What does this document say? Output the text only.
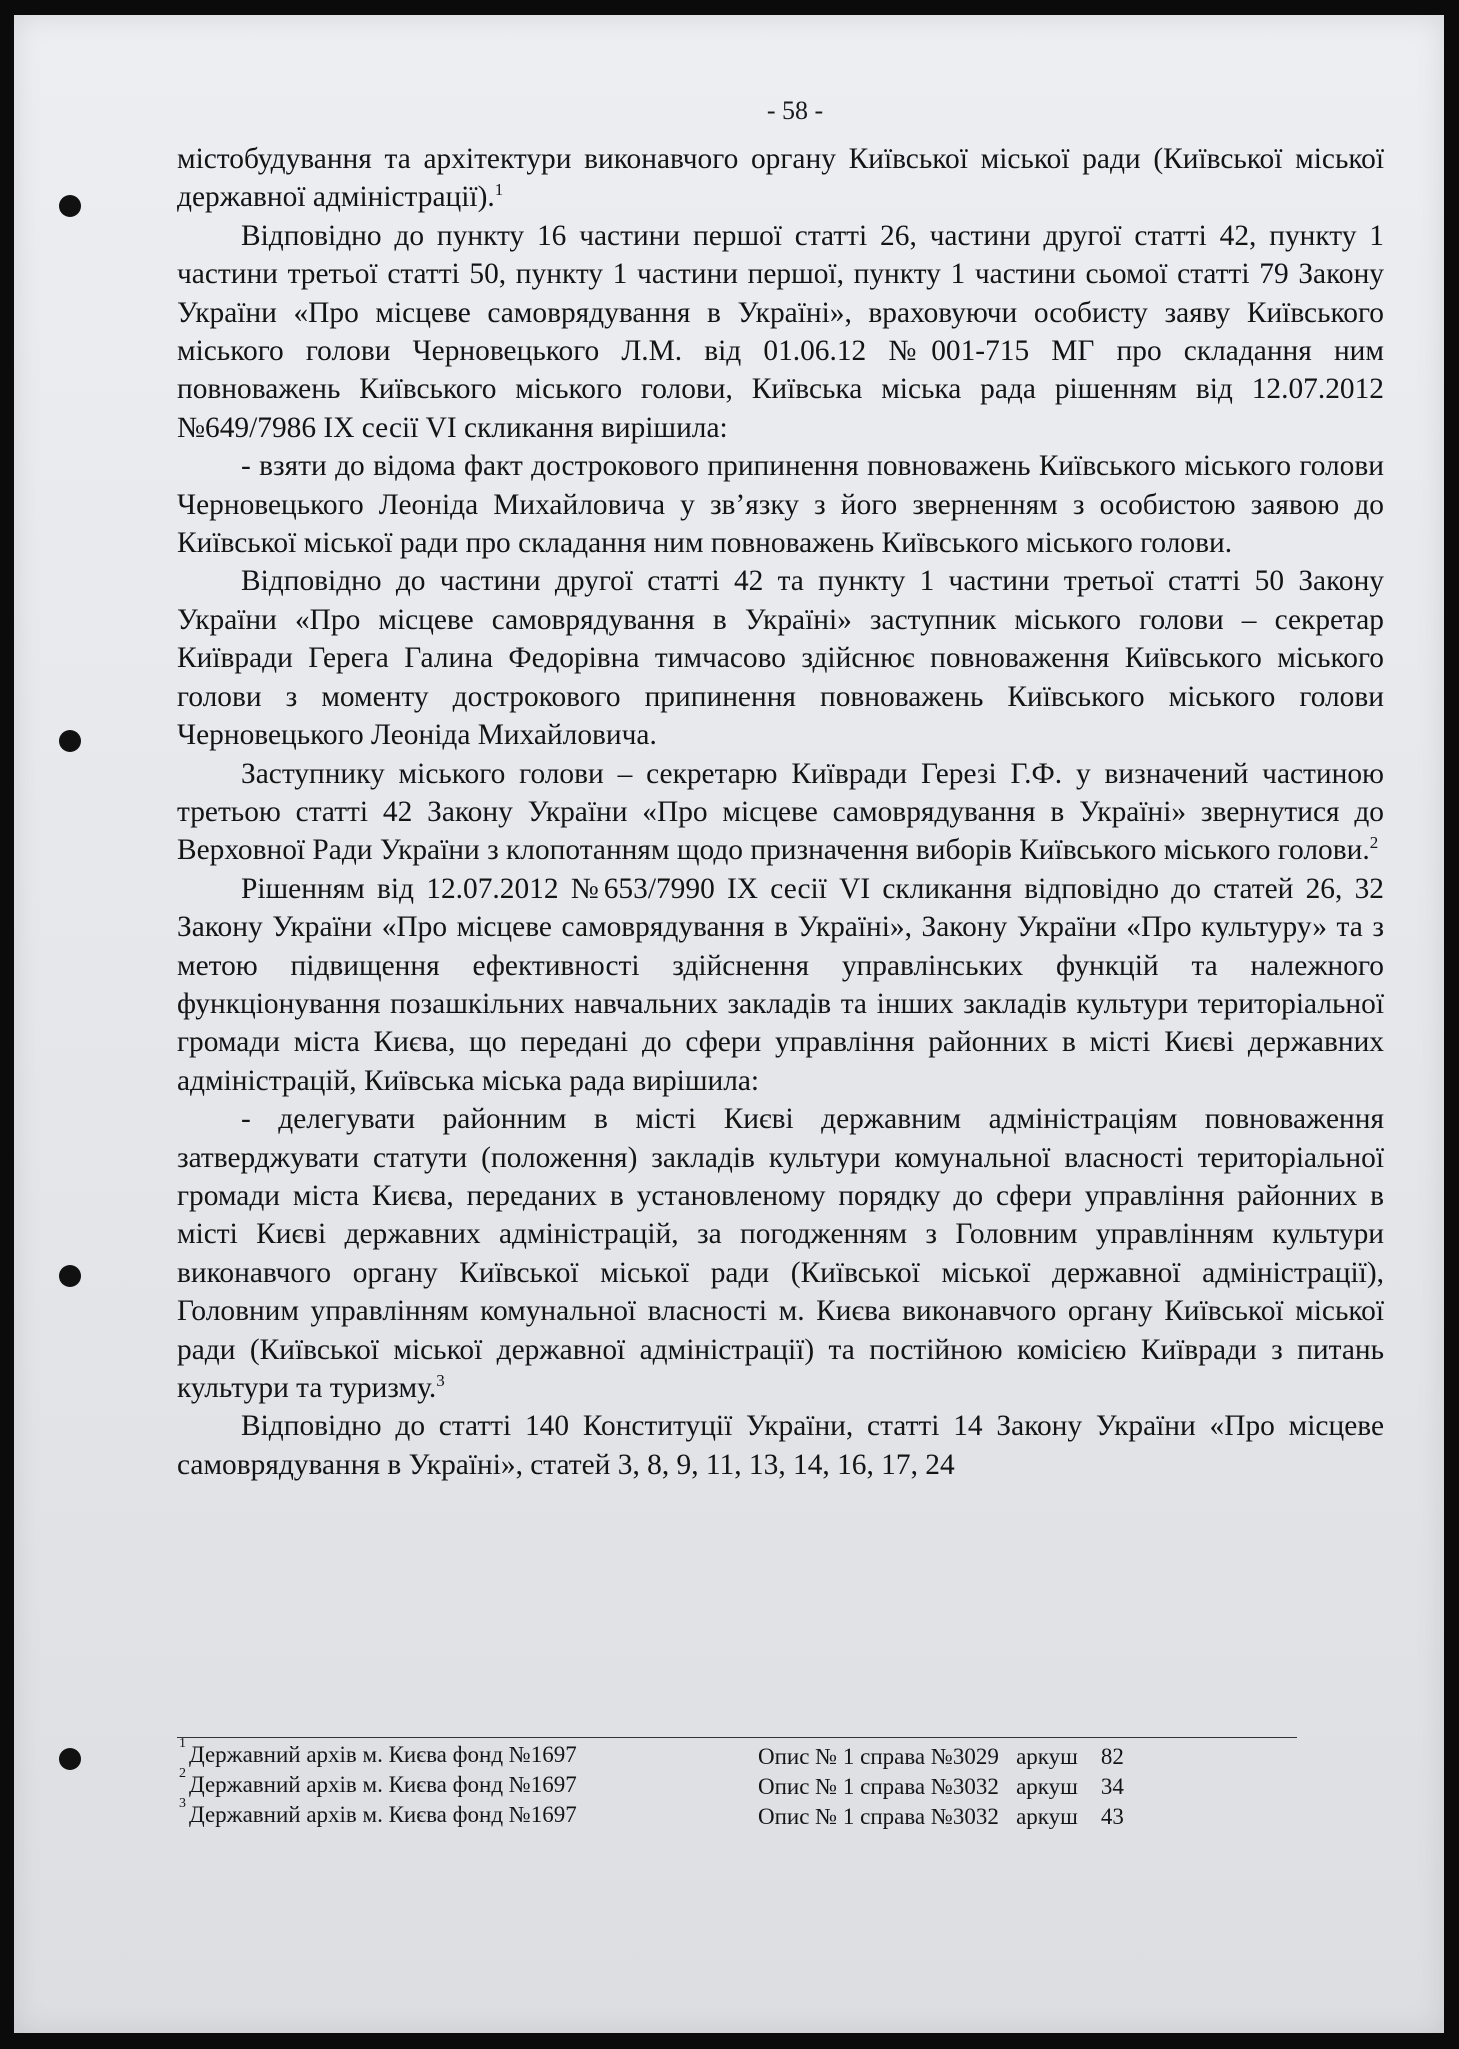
- 58 -

містобудування та архітектури виконавчого органу Київської міської ради (Київської міської державної адміністрації).$^1$

Відповідно до пункту 16 частини першої статті 26, частини другої статті 42, пункту 1 частини третьої статті 50, пункту 1 частини першої, пункту 1 частини сьомої статті 79 Закону України «Про місцеве самоврядування в Україні», враховуючи особисту заяву Київського міського голови Черновецького Л.М. від 01.06.12 №001-715 МГ про складання ним повноважень Київського міського голови, Київська міська рада рішенням від 12.07.2012 №649/7986 IX сесії VI скликання вирішила:

- взяти до відома факт дострокового припинення повноважень Київського міського голови Черновецького Леоніда Михайловича у зв’язку з його зверненням з особистою заявою до Київської міської ради про складання ним повноважень Київського міського голови.

Відповідно до частини другої статті 42 та пункту 1 частини третьої статті 50 Закону України «Про місцеве самоврядування в Україні» заступник міського голови – секретар Київради Герега Галина Федорівна тимчасово здійснює повноваження Київського міського голови з моменту дострокового припинення повноважень Київського міського голови Черновецького Леоніда Михайловича.

Заступнику міського голови – секретарю Київради Герезі Г.Ф. у визначений частиною третьою статті 42 Закону України «Про місцеве самоврядування в Україні» звернутися до Верховної Ради України з клопотанням щодо призначення виборів Київського міського голови.$^2$

Рішенням від 12.07.2012 №653/7990 IX сесії VI скликання відповідно до статей 26, 32 Закону України «Про місцеве самоврядування в Україні», Закону України «Про культуру» та з метою підвищення ефективності здійснення управлінських функцій та належного функціонування позашкільних навчальних закладів та інших закладів культури територіальної громади міста Києва, що передані до сфери управління районних в місті Києві державних адміністрацій, Київська міська рада вирішила:

- делегувати районним в місті Києві державним адміністраціям повноваження затверджувати статути (положення) закладів культури комунальної власності територіальної громади міста Києва, переданих в установленому порядку до сфери управління районних в місті Києві державних адміністрацій, за погодженням з Головним управлінням культури виконавчого органу Київської міської ради (Київської міської державної адміністрації), Головним управлінням комунальної власності м. Києва виконавчого органу Київської міської ради (Київської міської державної адміністрації) та постійною комісією Київради з питань культури та туризму.$^3$

Відповідно до статті 140 Конституції України, статті 14 Закону України «Про місцеве самоврядування в Україні», статей 3, 8, 9, 11, 13, 14, 16, 17, 24

1 Державний архів м. Києва фонд №1697	Опис № 1 справа №3029   аркуш    82
2 Державний архів м. Києва фонд №1697	Опис № 1 справа №3032   аркуш    34
3 Державний архів м. Києва фонд №1697	Опис № 1 справа №3032   аркуш    43
